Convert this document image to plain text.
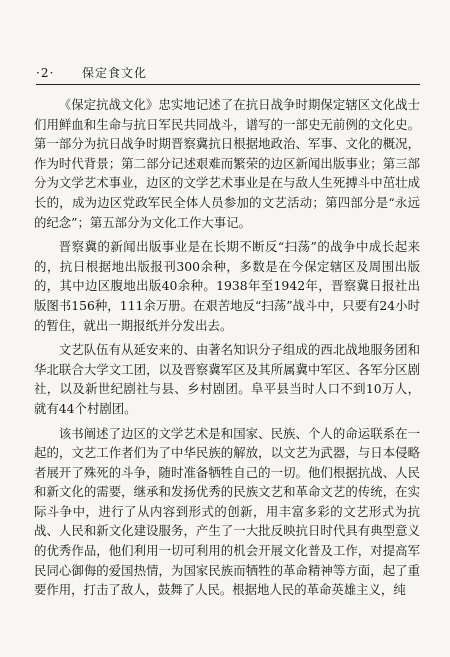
·2· 保定食文化

《保定抗战文化》忠实地记述了在抗日战争时期保定辖区文化战士们用鲜血和生命与抗日军民共同战斗，谱写的一部史无前例的文化史。第一部分为抗日战争时期晋察冀抗日根据地政治、军事、文化的概况，作为时代背景；第二部分记述艰难而繁荣的边区新闻出版事业；第三部分为文学艺术事业，边区的文学艺术事业是在与敌人生死搏斗中茁壮成长的，成为边区党政军民全体人员参加的文艺活动；第四部分是“永远的纪念”；第五部分为文化工作大事记。

晋察冀的新闻出版事业是在长期不断反“扫荡”的战争中成长起来的，抗日根据地出版报刊300余种，多数是在今保定辖区及周围出版的，其中边区腹地出版40余种。1938年至1942年，晋察冀日报社出版图书156种，111余万册。在艰苦地反“扫荡”战斗中，只要有24小时的暂住，就出一期报纸并分发出去。

文艺队伍有从延安来的、由著名知识分子组成的西北战地服务团和华北联合大学文工团，以及晋察冀军区及其所属冀中军区、各军分区剧社，以及新世纪剧社与县、乡村剧团。阜平县当时人口不到10万人，就有44个村剧团。

该书阐述了边区的文学艺术是和国家、民族、个人的命运联系在一起的，文艺工作者们为了中华民族的解放，以文艺为武器，与日本侵略者展开了殊死的斗争，随时准备牺牲自己的一切。他们根据抗战、人民和新文化的需要，继承和发扬优秀的民族文艺和革命文艺的传统，在实际斗争中，进行了从内容到形式的创新，用丰富多彩的文艺形式为抗战、人民和新文化建设服务，产生了一大批反映抗日时代具有典型意义的优秀作品，他们利用一切可利用的机会开展文化普及工作，对提高军民同心御侮的爱国热情，为国家民族而牺牲的革命精神等方面，起了重要作用，打击了敌人，鼓舞了人民。根据地人民的革命英雄主义，纯
